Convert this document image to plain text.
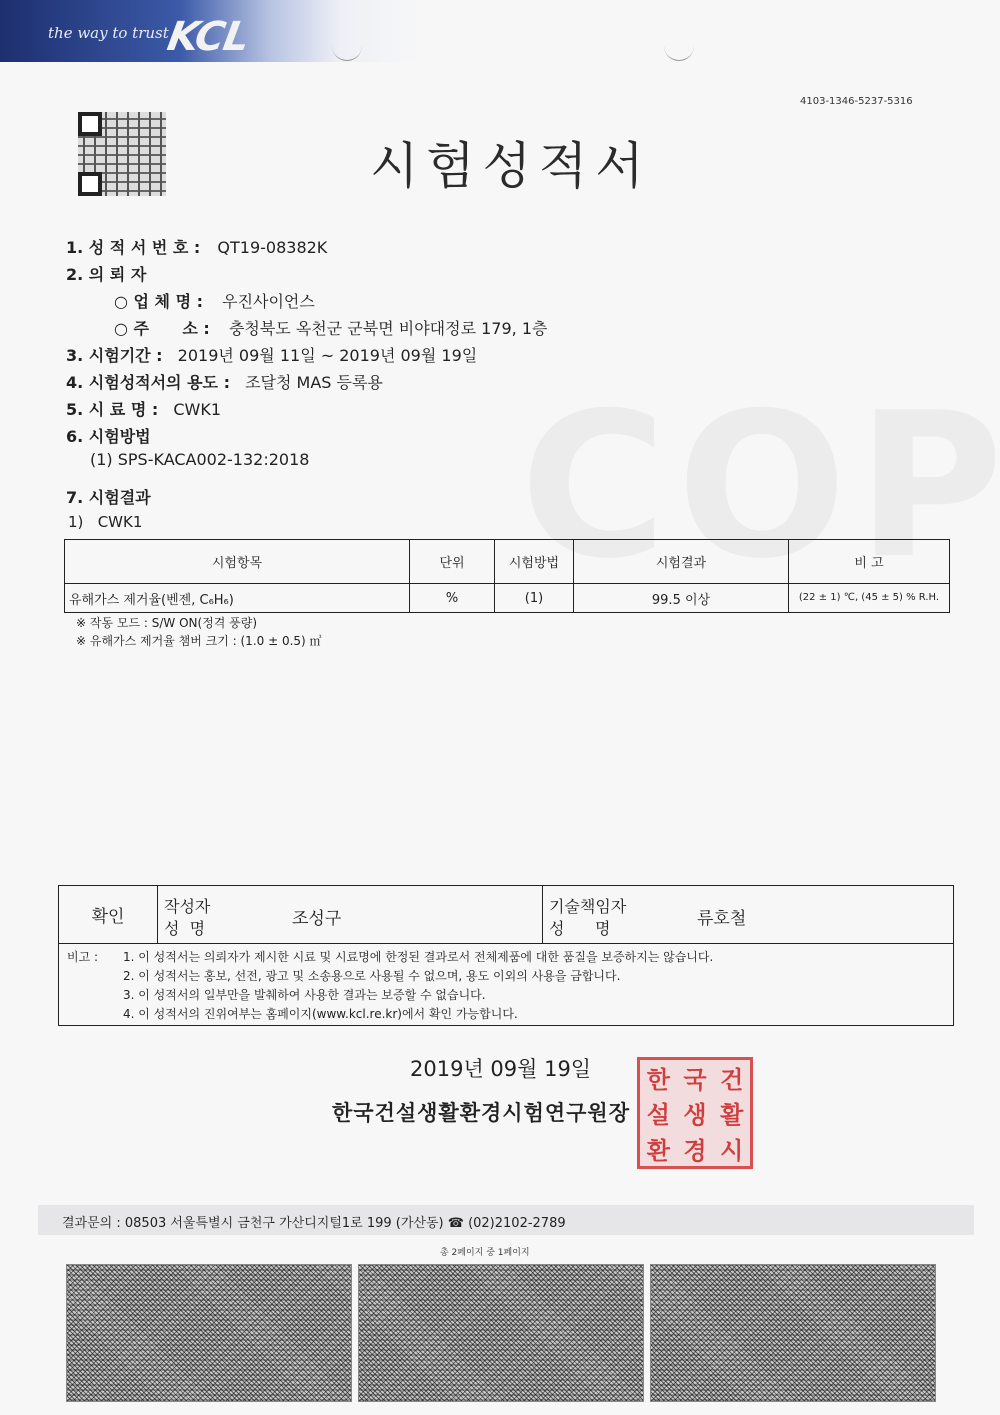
the way to trust
KCL
4103-1346-5237-5316
시험성적서
1. 성 적 서 번 호 : QT19-08382K
2. 의 뢰 자
○ 업 체 명 : 우진사이언스
○ 주      소 : 충청북도 옥천군 군북면 비야대정로 179, 1층
3. 시험기간 : 2019년 09월 11일 ~ 2019년 09월 19일
4. 시험성적서의 용도 : 조달청 MAS 등록용
5. 시 료 명 : CWK1
6. 시험방법
(1) SPS-KACA002-132:2018
7. 시험결과
1)   CWK1
시험항목	단위	시험방법	시험결과	비 고
유해가스 제거율(벤젠, C₆H₆)	%	(1)	99.5 이상	(22 ± 1) ℃, (45 ± 5) % R.H.
※ 작동 모드 : S/W ON(정격 풍량)
※ 유해가스 제거율 챔버 크기 : (1.0 ± 0.5) ㎥
확인	
작성자
성  명	조성구

기술책임자
성      명	류호철

비고 : 1. 이 성적서는 의뢰자가 제시한 시료 및 시료명에 한정된 결과로서 전체제품에 대한 품질을 보증하지는 않습니다.
2. 이 성적서는 홍보, 선전, 광고 및 소송용으로 사용될 수 없으며, 용도 이외의 사용을 금합니다.
3. 이 성적서의 일부만을 발췌하여 사용한 결과는 보증할 수 없습니다.
4. 이 성적서의 진위여부는 홈페이지(www.kcl.re.kr)에서 확인 가능합니다.
2019년 09월 19일
한국건설생활환경시험연구원장
한 국 건
설 생 활
환 경 시
결과문의 : 08503 서울특별시 금천구 가산디지털1로 199 (가산동) ☎ (02)2102-2789
총 2페이지 중 1페이지
